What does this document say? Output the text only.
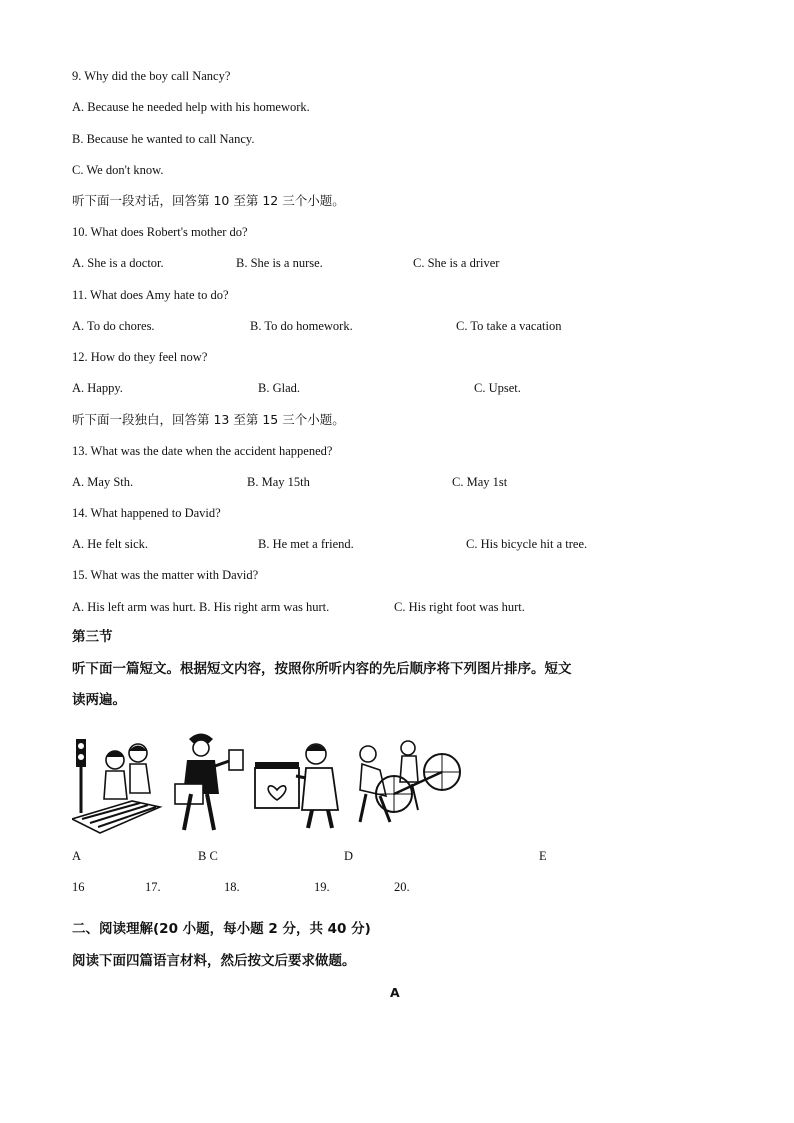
9. Why did the boy call Nancy?
A. Because he needed help with his homework.
B. Because he wanted to call Nancy.
C. We don't know.
听下面一段对话，回答第 10 至第 12 三个小题。
10. What does Robert's mother do?
A. She is a doctor.	B. She is a nurse.	C. She is a driver
11. What does Amy hate to do?
A. To do chores.	B. To do homework.	C. To take a vacation
12. How do they feel now?
A. Happy.	B. Glad.	C. Upset.
听下面一段独白，回答第 13 至第 15 三个小题。
13. What was the date when the accident happened?
A. May Sth.	B. May 15th	C. May 1st
14. What happened to David?
A. He felt sick.	B. He met a friend.	C. His bicycle hit a tree.
15. What was the matter with David?
A. His left arm was hurt. B. His right arm was hurt.	C. His right foot was hurt.
第三节
听下面一篇短文。根据短文内容，按照你所听内容的先后顺序将下列图片排序。短文
读两遍。
A	B C	D	E
16	17.	18.	19.	20.
二、阅读理解(20 小题，每小题 2 分，共 40 分)
阅读下面四篇语言材料，然后按文后要求做题。
A
